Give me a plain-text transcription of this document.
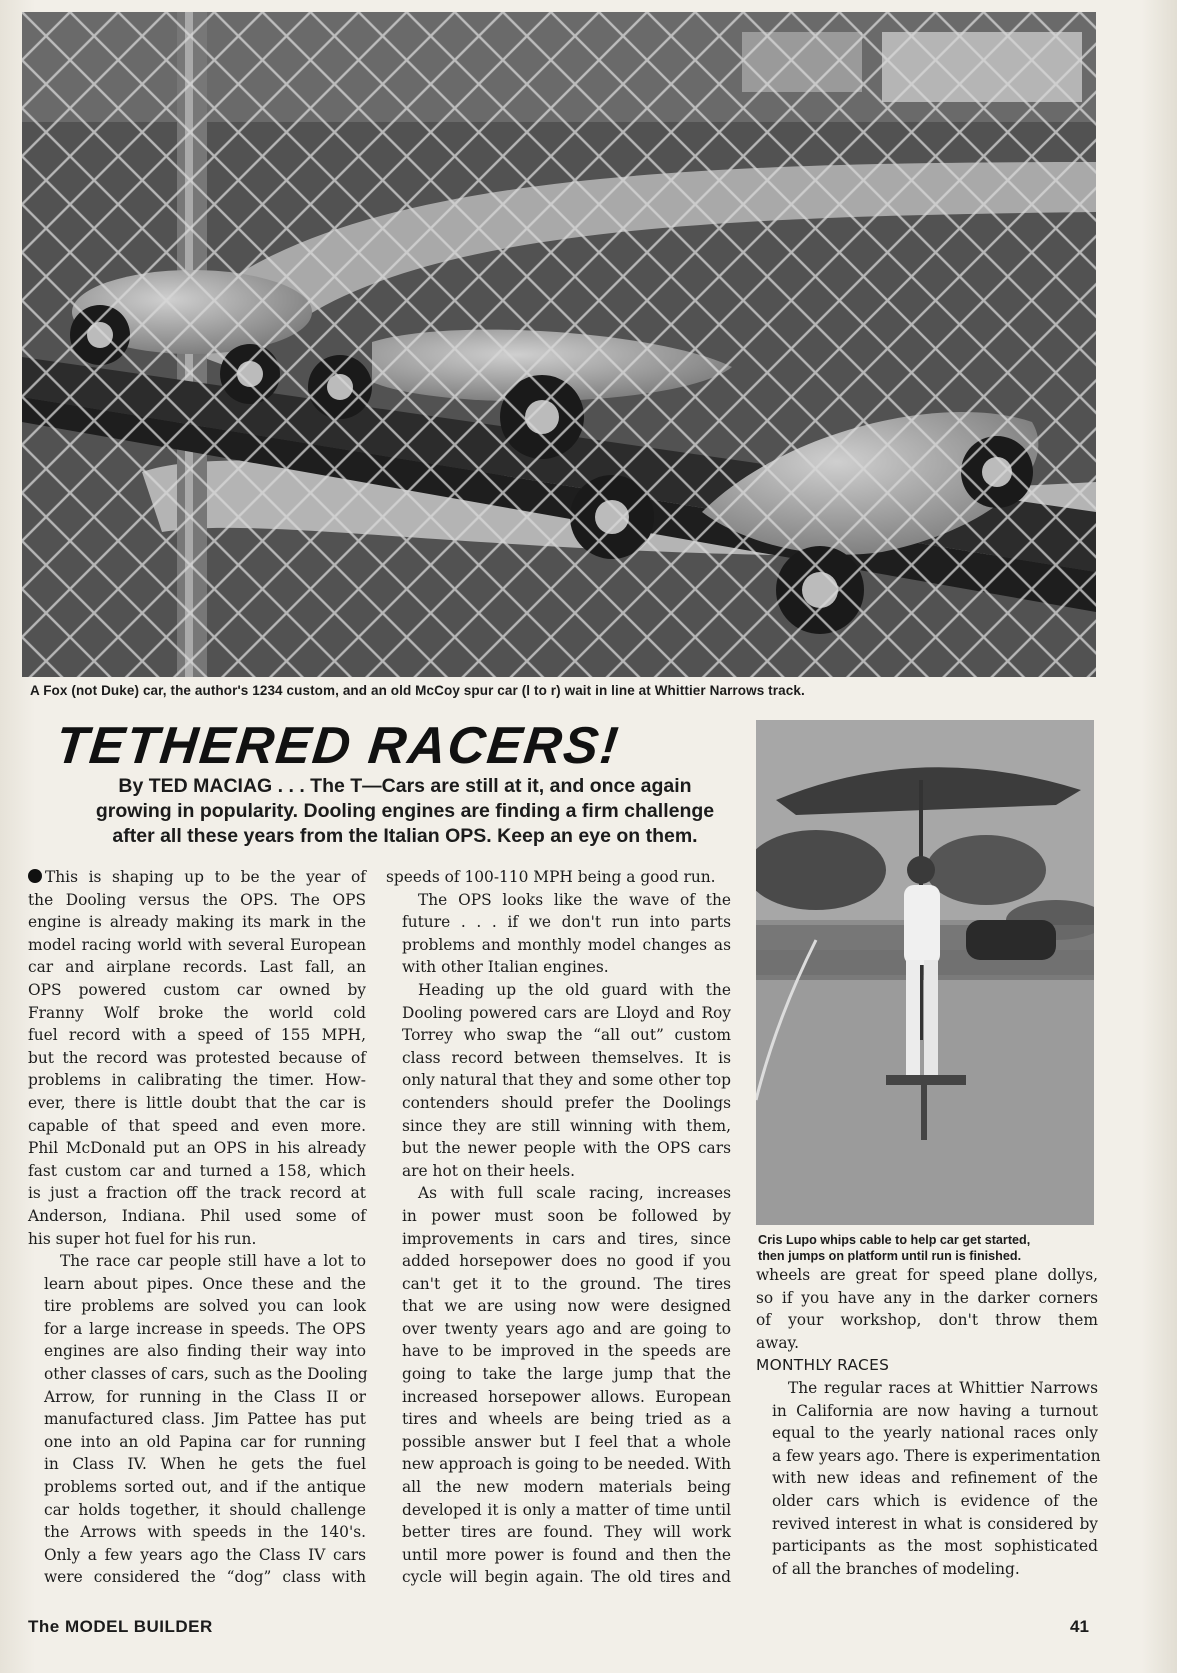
A Fox (not Duke) car, the author's 1234 custom, and an old McCoy spur car (l to r) wait in line at Whittier Narrows track.
TETHERED RACERS!
By TED MACIAG . . . The T—Cars are still at it, and once again
growing in popularity. Dooling engines are finding a firm challenge
after all these years from the Italian OPS. Keep an eye on them.

This is shaping up to be the year of
the Dooling versus the OPS. The OPS
engine is already making its mark in the
model racing world with several European
car and airplane records. Last fall, an
OPS powered custom car owned by
Franny Wolf broke the world cold
fuel record with a speed of 155 MPH,
but the record was protested because of
problems in calibrating the timer. How-
ever, there is little doubt that the car is
capable of that speed and even more.
Phil McDonald put an OPS in his already
fast custom car and turned a 158, which
is just a fraction off the track record at
Anderson, Indiana. Phil used some of
his super hot fuel for his run.

The race car people still have a lot to
learn about pipes. Once these and the
tire problems are solved you can look
for a large increase in speeds. The OPS
engines are also finding their way into
other classes of cars, such as the Dooling
Arrow, for running in the Class II or
manufactured class. Jim Pattee has put
one into an old Papina car for running
in Class IV. When he gets the fuel
problems sorted out, and if the antique
car holds together, it should challenge
the Arrows with speeds in the 140's.
Only a few years ago the Class IV cars
were considered the “dog” class with

speeds of 100-110 MPH being a good run.

The OPS looks like the wave of the
future . . . if we don't run into parts
problems and monthly model changes as
with other Italian engines.

Heading up the old guard with the
Dooling powered cars are Lloyd and Roy
Torrey who swap the “all out” custom
class record between themselves. It is
only natural that they and some other top
contenders should prefer the Doolings
since they are still winning with them,
but the newer people with the OPS cars
are hot on their heels.

As with full scale racing, increases
in power must soon be followed by
improvements in cars and tires, since
added horsepower does no good if you
can't get it to the ground. The tires
that we are using now were designed
over twenty years ago and are going to
have to be improved in the speeds are
going to take the large jump that the
increased horsepower allows. European
tires and wheels are being tried as a
possible answer but I feel that a whole
new approach is going to be needed. With
all the new modern materials being
developed it is only a matter of time until
better tires are found. They will work
until more power is found and then the
cycle will begin again. The old tires and

Cris Lupo whips cable to help car get started,
then jumps on platform until run is finished.

wheels are great for speed plane dollys,
so if you have any in the darker corners
of your workshop, don't throw them
away.

MONTHLY RACES

The regular races at Whittier Narrows
in California are now having a turnout
equal to the yearly national races only
a few years ago. There is experimentation
with new ideas and refinement of the
older cars which is evidence of the
revived interest in what is considered by
participants as the most sophisticated
of all the branches of modeling.

The MODEL BUILDER	41
